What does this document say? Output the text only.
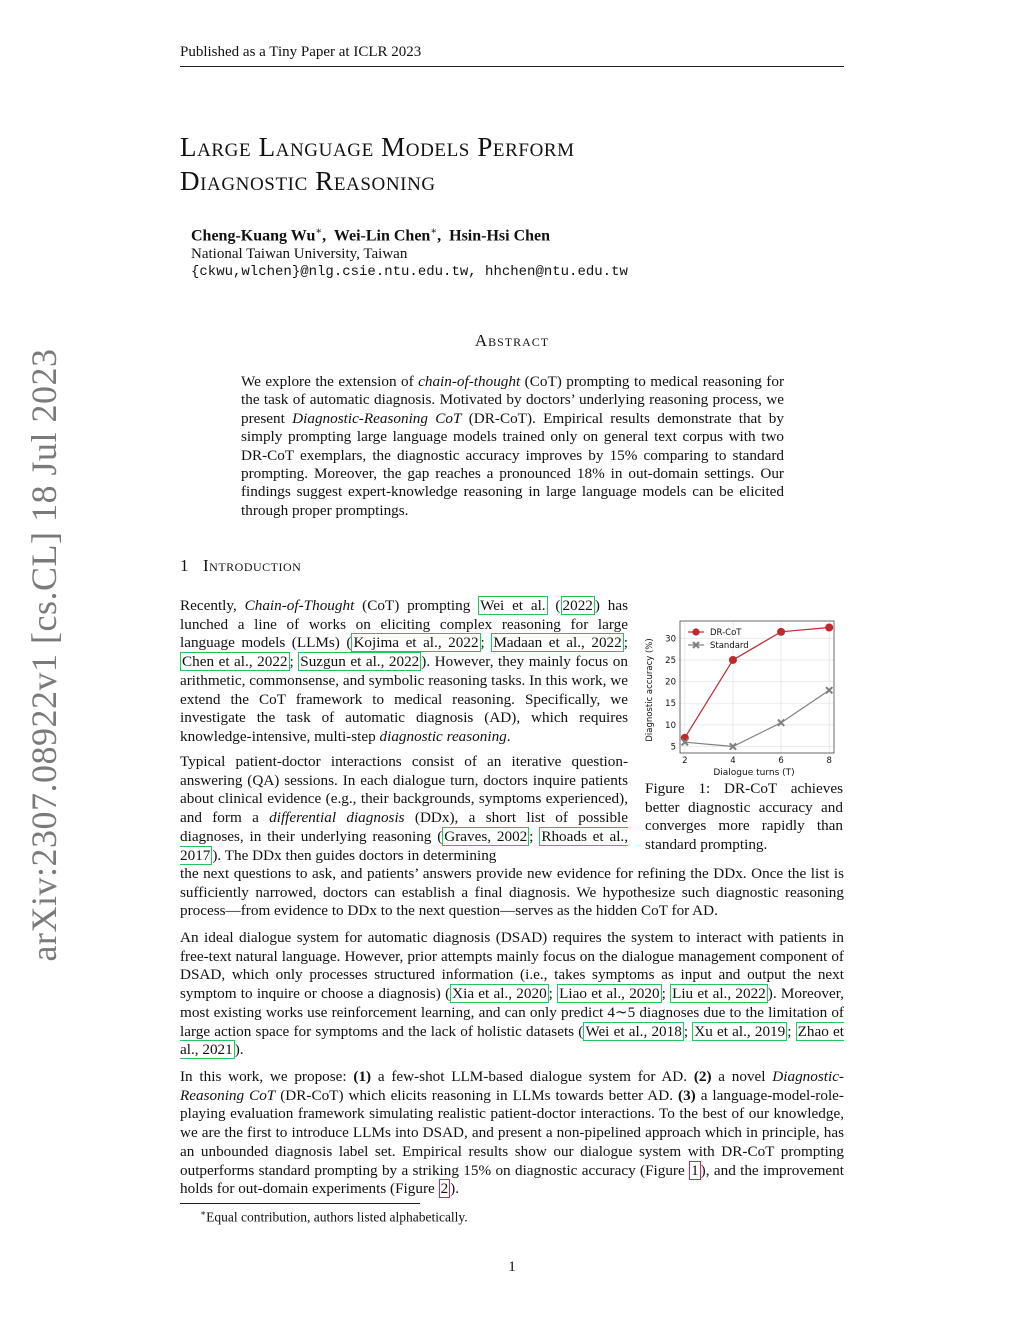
Published as a Tiny Paper at ICLR 2023
arXiv:2307.08922v1 [cs.CL] 18 Jul 2023
Large Language Models Perform
Diagnostic Reasoning
Cheng-Kuang Wu∗,  Wei-Lin Chen∗,  Hsin-Hsi Chen
National Taiwan University, Taiwan
{ckwu,wlchen}@nlg.csie.ntu.edu.tw, hhchen@ntu.edu.tw
Abstract
We explore the extension of chain-of-thought (CoT) prompting to medical reasoning for the task of automatic diagnosis. Motivated by doctors’ underlying reasoning process, we present Diagnostic-Reasoning CoT (DR-CoT). Empirical results demonstrate that by simply prompting large language models trained only on general text corpus with two DR-CoT exemplars, the diagnostic accuracy improves by 15% comparing to standard prompting. Moreover, the gap reaches a pronounced 18% in out-domain settings. Our findings suggest expert-knowledge reasoning in large language models can be elicited through proper promptings.
1 Introduction
Recently, Chain-of-Thought (CoT) prompting Wei et al. ( 2022 ) has lunched a line of works on eliciting complex reasoning for large language models (LLMs) ( Kojima et al., 2022 ; Madaan et al., 2022 ; Chen et al., 2022 ; Suzgun et al., 2022 ). However, they mainly focus on arithmetic, commonsense, and symbolic reasoning tasks. In this work, we extend the CoT framework to medical reasoning. Specifically, we investigate the task of automatic diagnosis (AD), which requires knowledge-intensive, multi-step diagnostic reasoning.
Typical patient-doctor interactions consist of an iterative question-answering (QA) sessions. In each dialogue turn, doctors inquire patients about clinical evidence (e.g., their backgrounds, symptoms experienced), and form a differential diagnosis (DDx), a short list of possible diagnoses, in their underlying reasoning ( Graves, 2002 ; Rhoads et al., 2017 ). The DDx then guides doctors in determining
the next questions to ask, and patients’ answers provide new evidence for refining the DDx. Once the list is sufficiently narrowed, doctors can establish a final diagnosis. We hypothesize such diagnostic reasoning process—from evidence to DDx to the next question—serves as the hidden CoT for AD.
2	4	6	8
5
10
15
20
25
30
DR-CoT
Standard
Dialogue turns (T)
Diagnostic accuracy (%)
Figure 1: DR-CoT achieves better diagnostic accuracy and converges more rapidly than standard prompting.
An ideal dialogue system for automatic diagnosis (DSAD) requires the system to interact with patients in free-text natural language. However, prior attempts mainly focus on the dialogue management component of DSAD, which only processes structured information (i.e., takes symptoms as input and output the next symptom to inquire or choose a diagnosis) ( Xia et al., 2020 ; Liao et al., 2020 ; Liu et al., 2022 ). Moreover, most existing works use reinforcement learning, and can only predict 4∼5 diagnoses due to the limitation of large action space for symptoms and the lack of holistic datasets ( Wei et al., 2018 ; Xu et al., 2019 ; Zhao et al., 2021 ).
In this work, we propose: (1) a few-shot LLM-based dialogue system for AD. (2) a novel Diagnostic-Reasoning CoT (DR-CoT) which elicits reasoning in LLMs towards better AD. (3) a language-model-role-playing evaluation framework simulating realistic patient-doctor interactions. To the best of our knowledge, we are the first to introduce LLMs into DSAD, and present a non-pipelined approach which in principle, has an unbounded diagnosis label set. Empirical results show our dialogue system with DR-CoT prompting outperforms standard prompting by a striking 15% on diagnostic accuracy (Figure 1 ), and the improvement holds for out-domain experiments (Figure 2 ).
∗Equal contribution, authors listed alphabetically.
1
